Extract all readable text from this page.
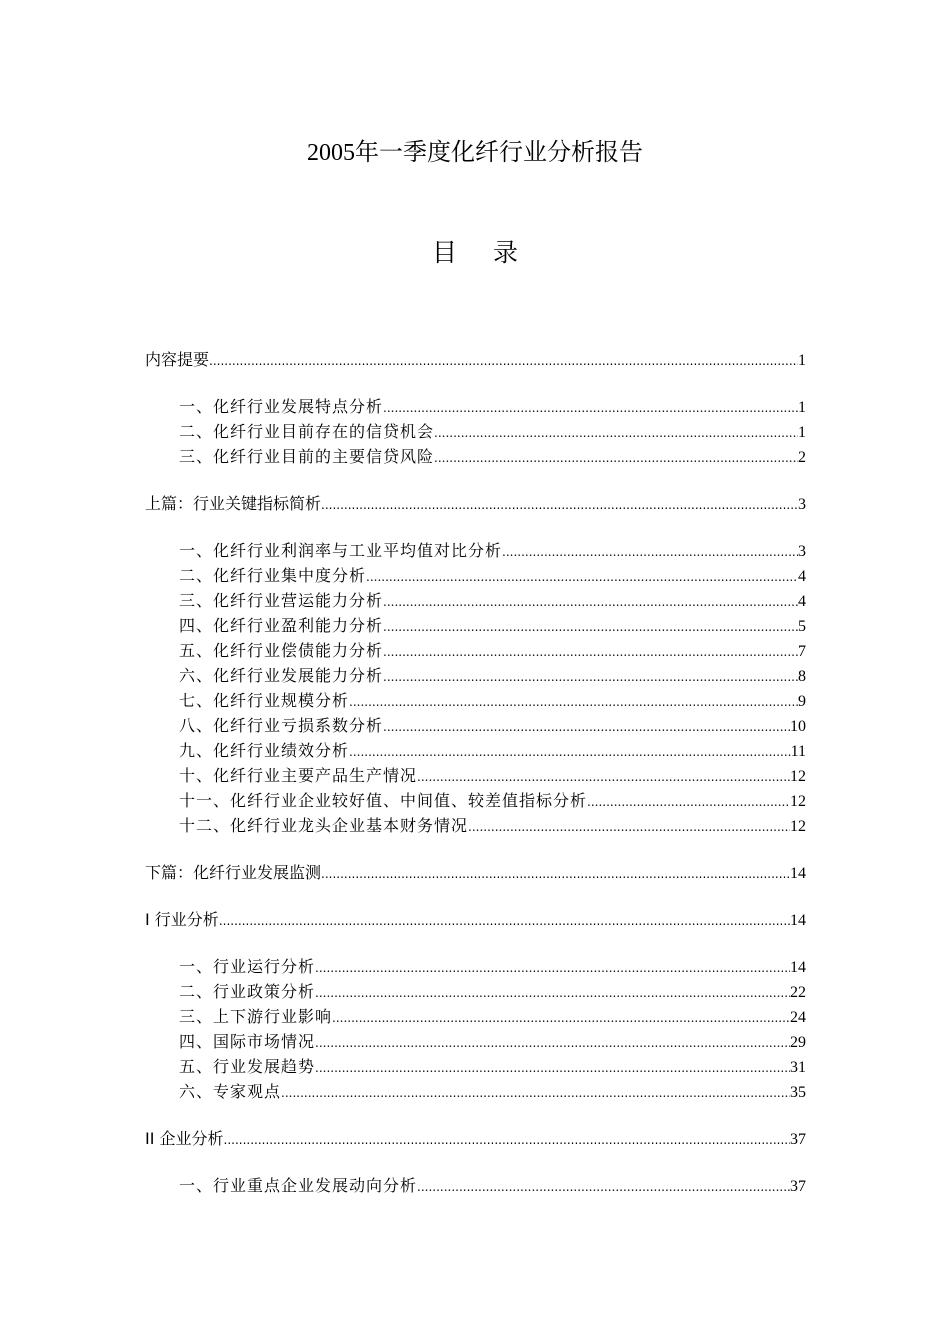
2005年一季度化纤行业分析报告
目 录
内容提要 .....	1
一、化纤行业发展特点分析 .....	1
二、化纤行业目前存在的信贷机会 .....	1
三、化纤行业目前的主要信贷风险 .....	2
上篇：行业关键指标简析 .....	3
一、化纤行业利润率与工业平均值对比分析 .....	3
二、化纤行业集中度分析 .....	4
三、化纤行业营运能力分析 .....	4
四、化纤行业盈利能力分析 .....	5
五、化纤行业偿债能力分析 .....	7
六、化纤行业发展能力分析 .....	8
七、化纤行业规模分析 .....	9
八、化纤行业亏损系数分析 .....	10
九、化纤行业绩效分析 .....	11
十、化纤行业主要产品生产情况 .....	12
十一、化纤行业企业较好值、中间值、较差值指标分析 .....	12
十二、化纤行业龙头企业基本财务情况 .....	12
下篇：化纤行业发展监测 .....	14
I 行业分析 .....	14
一、行业运行分析 .....	14
二、行业政策分析 .....	22
三、上下游行业影响 .....	24
四、国际市场情况 .....	29
五、行业发展趋势 .....	31
六、专家观点 .....	35
II 企业分析 .....	37
一、行业重点企业发展动向分析 .....	37
